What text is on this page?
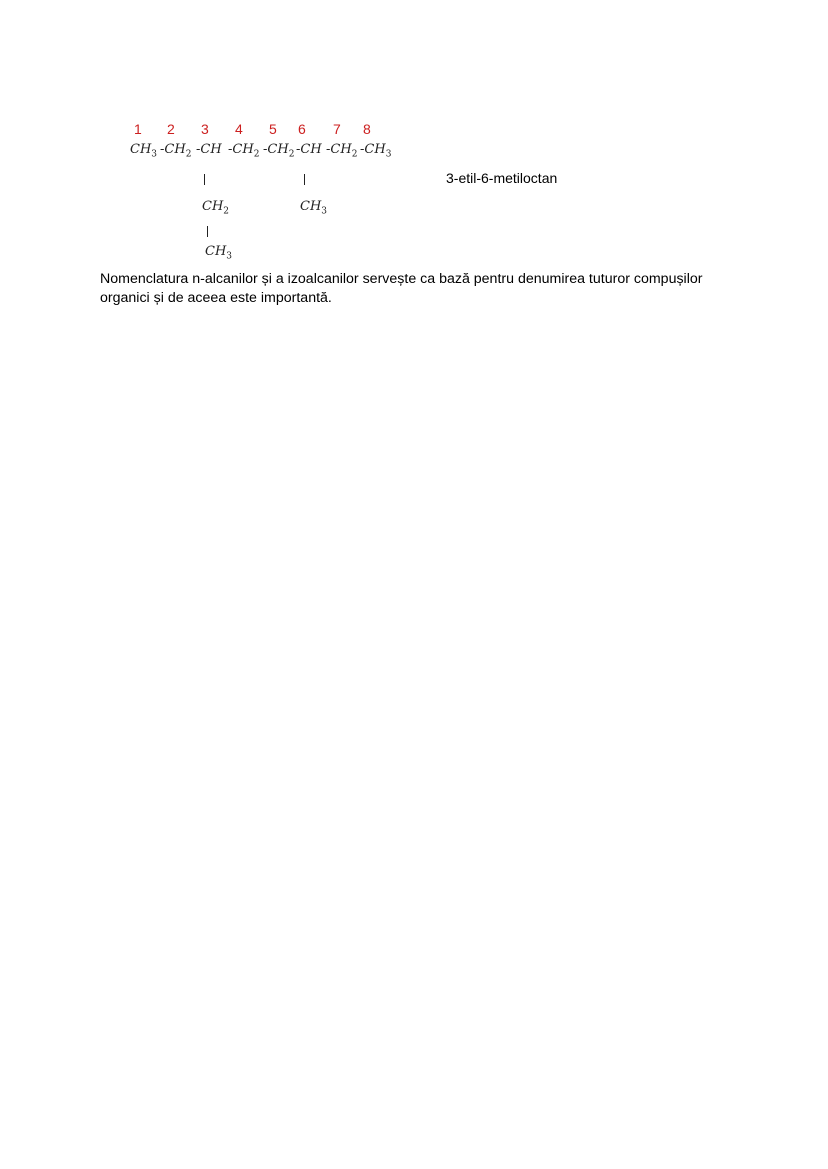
1 2 3 4 5 6 7 8
$CH_3$ $-CH_2$ -CH $-CH_2$ $-CH_2$ -CH $-CH_2$ $-CH_3$
$CH_2$	$CH_3$
$CH_3$
3-etil-6-metiloctan

Nomenclatura n-alcanilor și a izoalcanilor servește ca bază pentru denumirea tuturor compușilor organici și de aceea este importantă.
